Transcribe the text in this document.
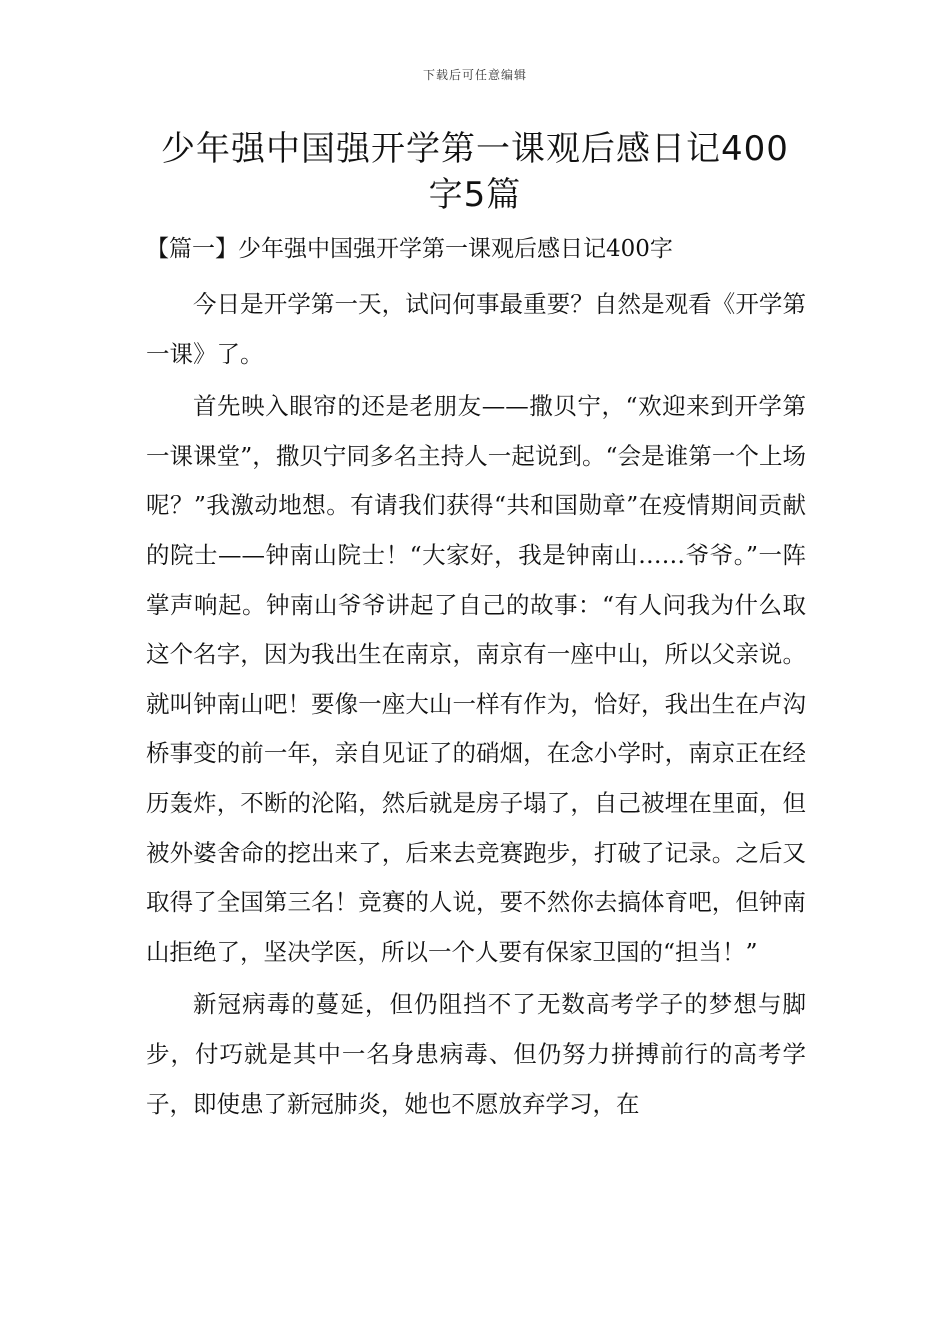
下载后可任意编辑
少年强中国强开学第一课观后感日记400
字5篇
【篇一】少年强中国强开学第一课观后感日记400字

今日是开学第一天，试问何事最重要？自然是观看《开学第一课》了。

首先映入眼帘的还是老朋友——撒贝宁，“欢迎来到开学第一课课堂”，撒贝宁同多名主持人一起说到。“会是谁第一个上场呢？”我激动地想。有请我们获得“共和国勋章”在疫情期间贡献的院士——钟南山院士！“大家好，我是钟南山……爷爷。”一阵掌声响起。钟南山爷爷讲起了自己的故事：“有人问我为什么取这个名字，因为我出生在南京，南京有一座中山，所以父亲说。就叫钟南山吧！要像一座大山一样有作为，恰好，我出生在卢沟桥事变的前一年，亲自见证了的硝烟，在念小学时，南京正在经历轰炸，不断的沦陷，然后就是房子塌了，自己被埋在里面，但被外婆舍命的挖出来了，后来去竞赛跑步，打破了记录。之后又取得了全国第三名！竞赛的人说，要不然你去搞体育吧，但钟南山拒绝了，坚决学医，所以一个人要有保家卫国的“担当！”

新冠病毒的蔓延，但仍阻挡不了无数高考学子的梦想与脚步，付巧就是其中一名身患病毒、但仍努力拼搏前行的高考学子，即使患了新冠肺炎，她也不愿放弃学习，在
